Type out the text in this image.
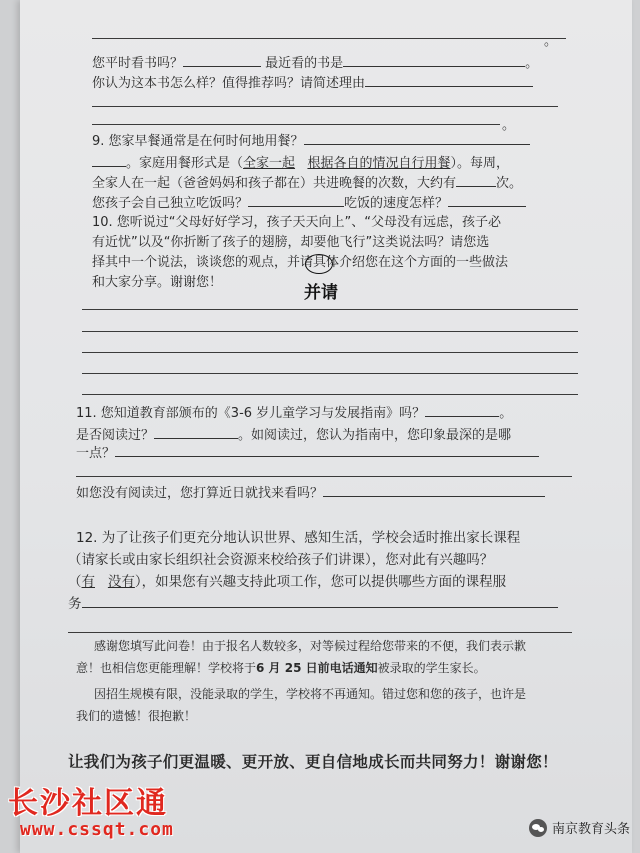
。
您平时看书吗？	最近看的书是	。
你认为这本书怎么样？值得推荐吗？请简述理由
。
9. 您家早餐通常是在何时何地用餐？
。家庭用餐形式是（全家一起 根据各自的情况自行用餐）。每周，
全家人在一起（爸爸妈妈和孩子都在）共进晚餐的次数，大约有	次。
您孩子会自己独立吃饭吗？	吃饭的速度怎样？
10. 您听说过“父母好好学习，孩子天天向上”、“父母没有远虑，孩子必
有近忧”以及“你折断了孩子的翅膀，却要他飞行”这类说法吗？请您选
择其中一个说法，谈谈您的观点，并请具体介绍您在这个方面的一些做法
和大家分享。谢谢您！
并请
11. 您知道教育部颁布的《3-6 岁儿童学习与发展指南》吗？	。
是否阅读过？	。如阅读过，您认为指南中，您印象最深的是哪
一点？
如您没有阅读过，您打算近日就找来看吗？
12. 为了让孩子们更充分地认识世界、感知生活，学校会适时推出家长课程
（请家长或由家长组织社会资源来校给孩子们讲课），您对此有兴趣吗？
（有 没有），如果您有兴趣支持此项工作，您可以提供哪些方面的课程服
务
感谢您填写此问卷！由于报名人数较多，对等候过程给您带来的不便，我们表示歉
意！也相信您更能理解！学校将于6 月 25 日前电话通知被录取的学生家长。
因招生规模有限，没能录取的学生，学校将不再通知。错过您和您的孩子，也许是
我们的遗憾！很抱歉！
让我们为孩子们更温暖、更开放、更自信地成长而共同努力！谢谢您！
长沙社区通
www.cssqt.com	南京教育头条
